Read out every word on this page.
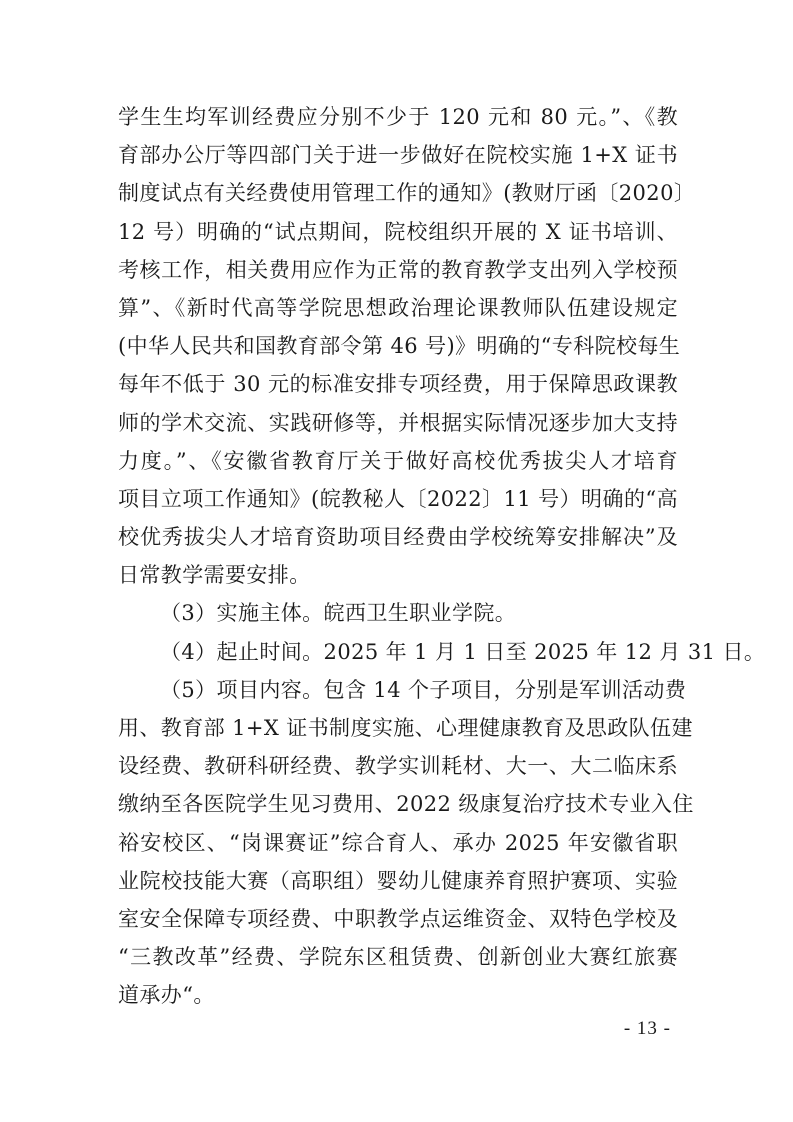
学生生均军训经费应分别不少于 120 元和 80 元。”、《教
育部办公厅等四部门关于进一步做好在院校实施 1+X 证书
制度试点有关经费使用管理工作的通知》(教财厅函〔2020〕
12 号）明确的“试点期间，院校组织开展的 X 证书培训、
考核工作，相关费用应作为正常的教育教学支出列入学校预
算”、《新时代高等学院思想政治理论课教师队伍建设规定
(中华人民共和国教育部令第 46 号)》明确的“专科院校每生
每年不低于 30 元的标准安排专项经费，用于保障思政课教
师的学术交流、实践研修等，并根据实际情况逐步加大支持
力度。”、《安徽省教育厅关于做好高校优秀拔尖人才培育
项目立项工作通知》(皖教秘人〔2022〕11 号）明确的“高
校优秀拔尖人才培育资助项目经费由学校统筹安排解决”及
日常教学需要安排。
（3）实施主体。皖西卫生职业学院。
（4）起止时间。2025 年 1 月 1 日至 2025 年 12 月 31 日。
（5）项目内容。包含 14 个子项目，分别是军训活动费
用、教育部 1+X 证书制度实施、心理健康教育及思政队伍建
设经费、教研科研经费、教学实训耗材、大一、大二临床系
缴纳至各医院学生见习费用、2022 级康复治疗技术专业入住
裕安校区、“岗课赛证”综合育人、承办 2025 年安徽省职
业院校技能大赛（高职组）婴幼儿健康养育照护赛项、实验
室安全保障专项经费、中职教学点运维资金、双特色学校及
“三教改革”经费、学院东区租赁费、创新创业大赛红旅赛
道承办“。
- 13 -
